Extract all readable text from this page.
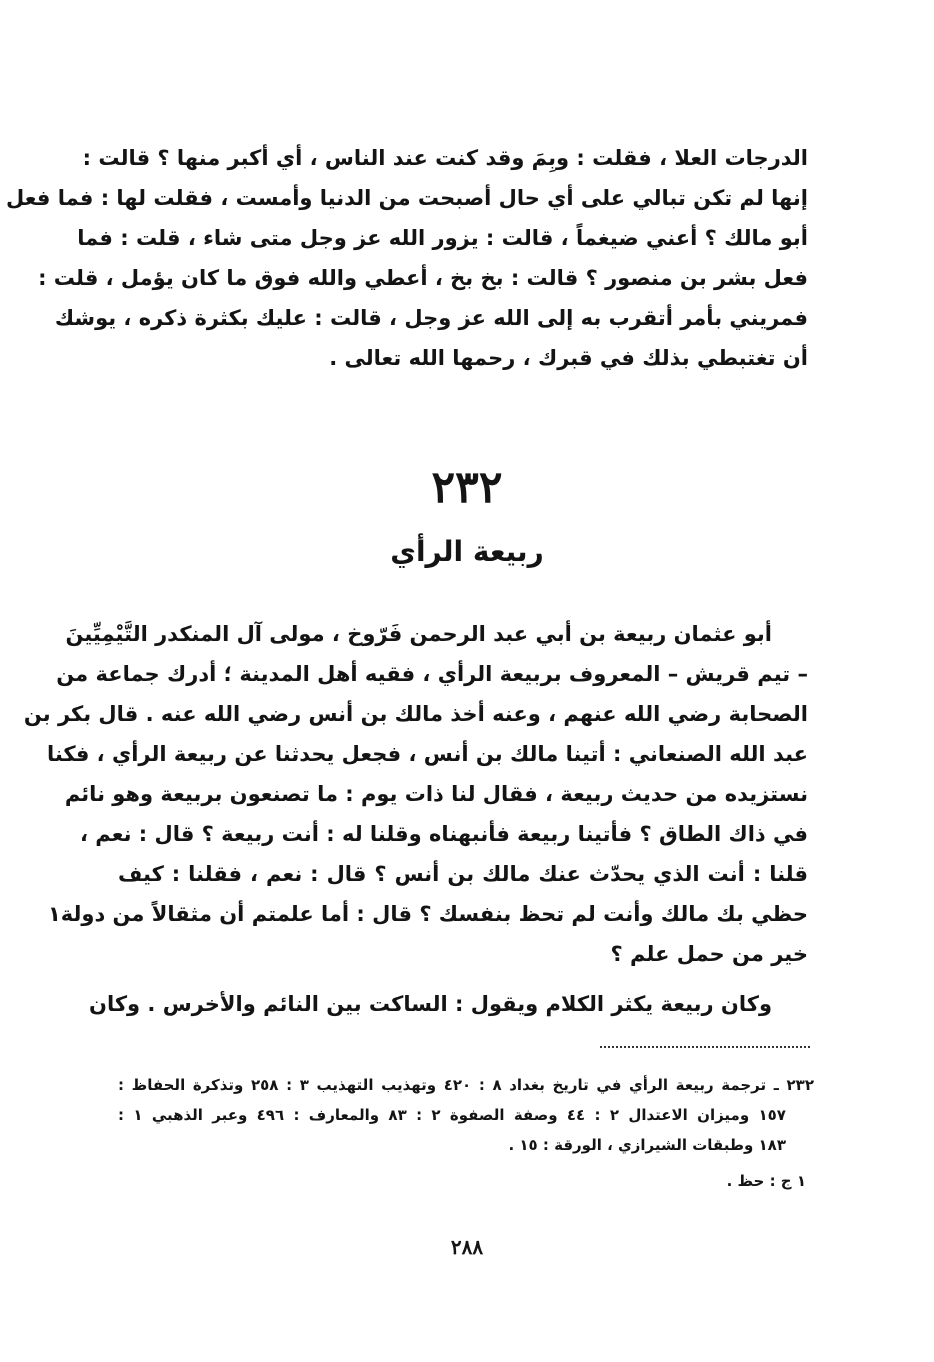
الدرجات العلا ، فقلت : وبِمَ وقد كنت عند الناس ، أي أكبر منها ؟ قالت :
إنها لم تكن تبالي على أي حال أصبحت من الدنيا وأمست ، فقلت لها : فما فعل
أبو مالك ؟ أعني ضيغماً ، قالت : يزور الله عز وجل متى شاء ، قلت : فما
فعل بشر بن منصور ؟ قالت : بخ بخ ، أعطي والله فوق ما كان يؤمل ، قلت :
فمريني بأمر أتقرب به إلى الله عز وجل ، قالت : عليك بكثرة ذكره ، يوشك
أن تغتبطي بذلك في قبرك ، رحمها الله تعالى .
٢٣٢
ربيعة الرأي
أبو عثمان ربيعة بن أبي عبد الرحمن فَرّوخ ، مولى آل المنكدر التَّيْمِيِّينَ
– تيم قريش – المعروف بربيعة الرأي ، فقيه أهل المدينة ؛ أدرك جماعة من
الصحابة رضي الله عنهم ، وعنه أخذ مالك بن أنس رضي الله عنه . قال بكر بن
عبد الله الصنعاني : أتينا مالك بن أنس ، فجعل يحدثنا عن ربيعة الرأي ، فكنا
نستزيده من حديث ربيعة ، فقال لنا ذات يوم : ما تصنعون بربيعة وهو نائم
في ذاك الطاق ؟ فأتينا ربيعة فأنبهناه وقلنا له : أنت ربيعة ؟ قال : نعم ،
قلنا : أنت الذي يحدّث عنك مالك بن أنس ؟ قال : نعم ، فقلنا : كيف
حظي بك مالك وأنت لم تحظ بنفسك ؟ قال : أما علمتم أن مثقالاً من دولة١
خير من حمل علم ؟
وكان ربيعة يكثر الكلام ويقول : الساكت بين النائم والأخرس . وكان
٢٣٢ ـ ترجمة ربيعة الرأي في تاريخ بغداد ٨ : ٤٢٠ وتهذيب التهذيب ٣ : ٢٥٨ وتذكرة الحفاظ :
١٥٧ وميزان الاعتدال ٢ : ٤٤ وصفة الصفوة ٢ : ٨٣ والمعارف : ٤٩٦ وعبر الذهبي ١ :
١٨٣ وطبقات الشيرازي ، الورقة : ١٥ .
١ ج : حظ .
٢٨٨
